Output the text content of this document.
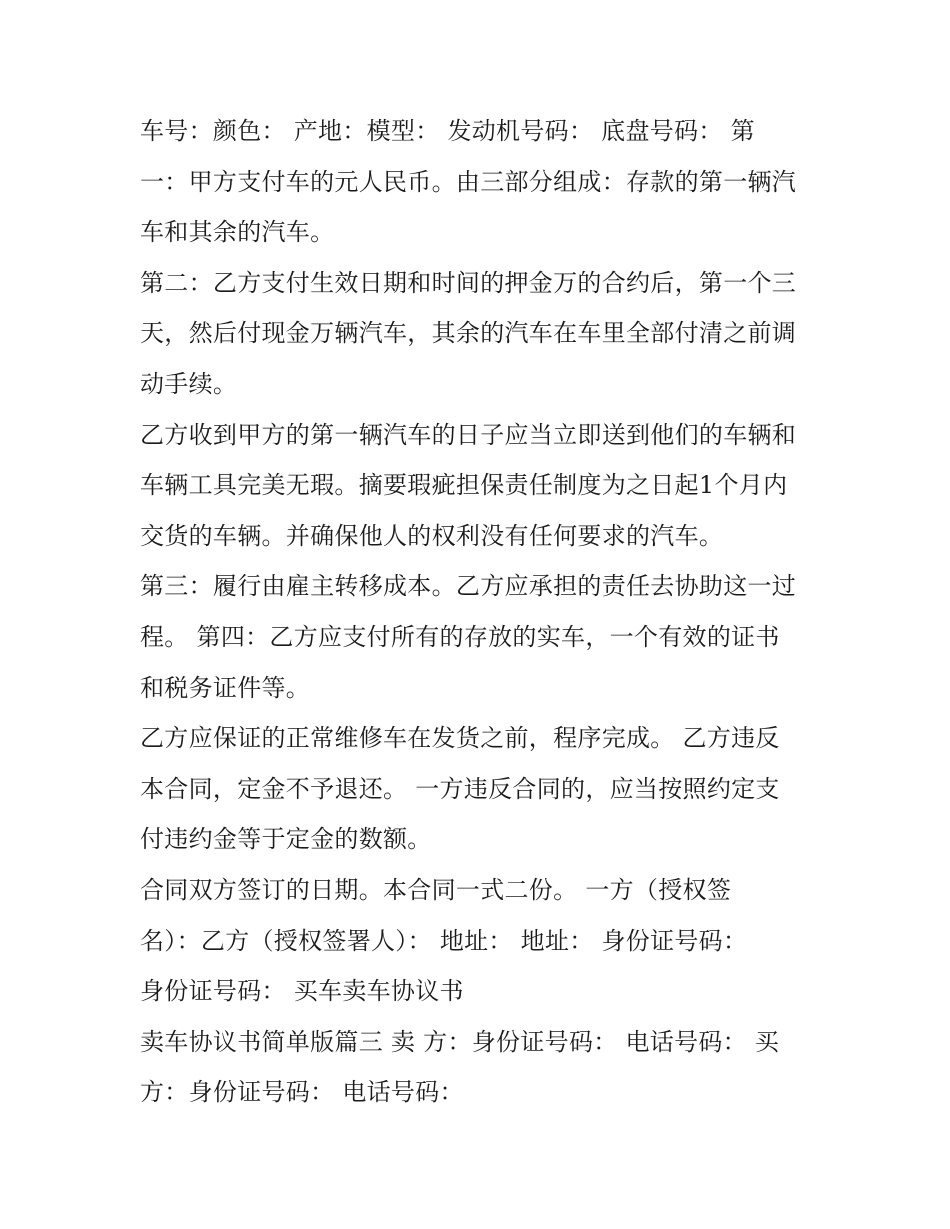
车号：颜色： 产地：模型： 发动机号码： 底盘号码： 第
一：甲方支付车的元人民币。由三部分组成：存款的第一辆汽
车和其余的汽车。
第二：乙方支付生效日期和时间的押金万的合约后，第一个三
天，然后付现金万辆汽车，其余的汽车在车里全部付清之前调
动手续。
乙方收到甲方的第一辆汽车的日子应当立即送到他们的车辆和
车辆工具完美无瑕。摘要瑕疵担保责任制度为之日起1个月内
交货的车辆。并确保他人的权利没有任何要求的汽车。
第三：履行由雇主转移成本。乙方应承担的责任去协助这一过
程。 第四：乙方应支付所有的存放的实车，一个有效的证书
和税务证件等。
乙方应保证的正常维修车在发货之前，程序完成。 乙方违反
本合同，定金不予退还。 一方违反合同的，应当按照约定支
付违约金等于定金的数额。
合同双方签订的日期。本合同一式二份。 一方（授权签
名）：乙方（授权签署人）： 地址： 地址： 身份证号码：
身份证号码： 买车卖车协议书
卖车协议书简单版篇三 卖 方：身份证号码： 电话号码： 买
方：身份证号码： 电话号码：
